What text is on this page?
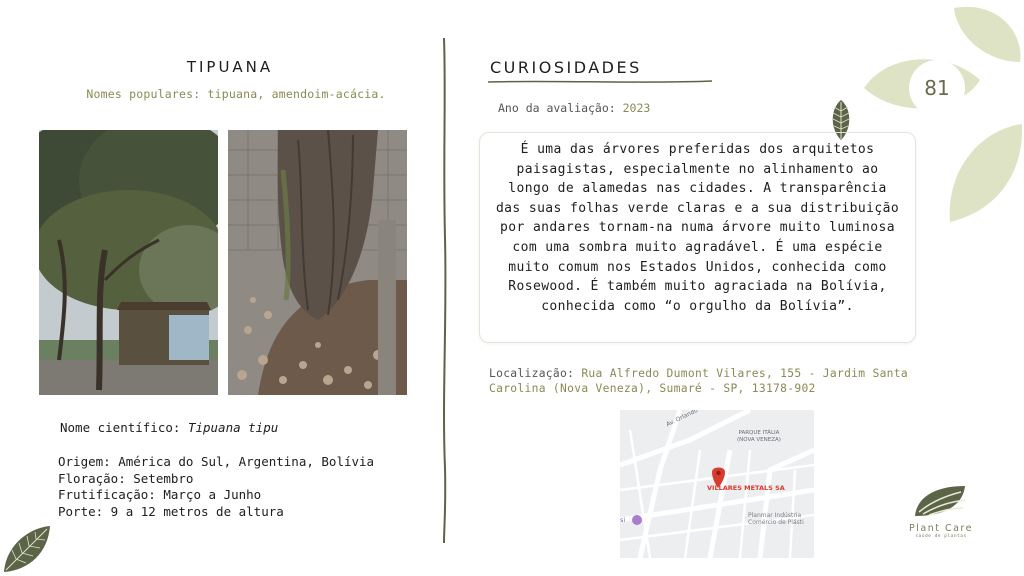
81
TIPUANA
Nomes populares: tipuana, amendoim-acácia.
Nome científico: Tipuana tipu
Origem: América do Sul, Argentina, Bolívia
Floração: Setembro
Frutificação: Março a Junho
Porte: 9 a 12 metros de altura
CURIOSIDADES
Ano da avaliação: 2023

É uma das árvores preferidas dos arquitetos paisagistas, especialmente no alinhamento ao longo de alamedas nas cidades. A transparência das suas folhas verde claras e a sua distribuição por andares tornam-na numa árvore muito luminosa com uma sombra muito agradável. É uma espécie muito comum nos Estados Unidos, conhecida como Rosewood. É também muito agraciada na Bolívia, conhecida como “o orgulho da Bolívia”.

Localização: Rua Alfredo Dumont Vilares, 155 - Jardim Santa Carolina (Nova Veneza), Sumaré - SP, 13178-902
PARQUE ITÁLIA
(NOVA VENEZA)
VILLARES METALS SA
Planmar Indústria
Comércio de Plásti
si
Plant Care
saúde de plantas
